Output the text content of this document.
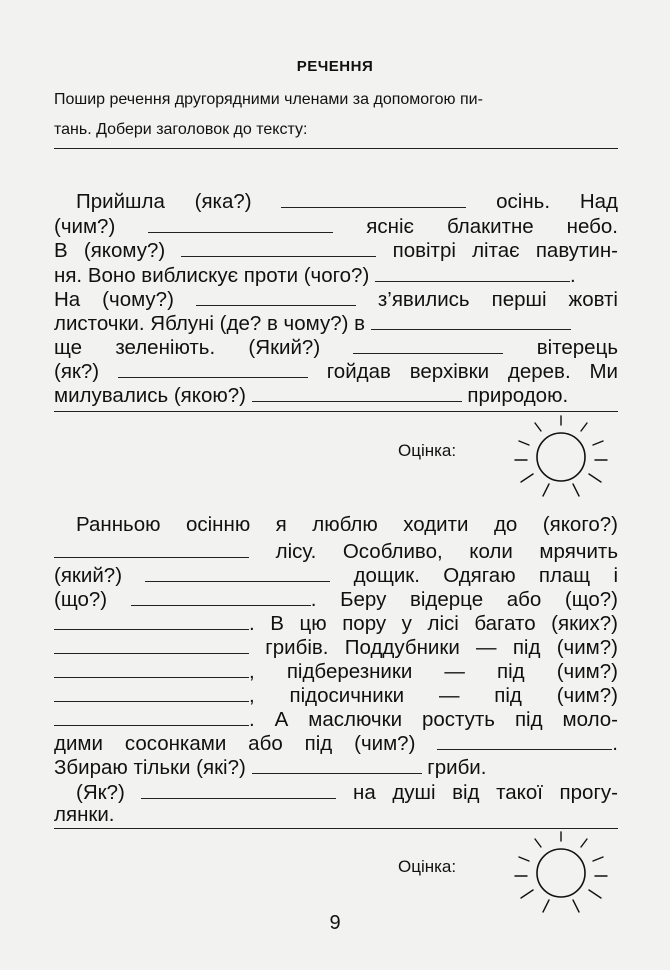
РЕЧЕННЯ
Пошир речення другорядними членами за допомогою пи-
тань. Добери заголовок до тексту:
Прийшла (яка?)	осінь. Над
(чим?)	ясніє блакитне небо.
В (якому?)	повітрі літає павутин-
ня. Воно виблискує проти (чого?)	.
На (чому?)	з’явились перші жовті
листочки. Яблуні (де? в чому?) в
ще зеленіють. (Який?)	вітерець
(як?)	гойдав верхівки дерев. Ми
милувались (якою?)	природою.
Оцінка:
Ранньою осінню я люблю ходити до (якого?)
лісу. Особливо, коли мрячить
(який?)	дощик. Одягаю плащ і
(що?)	. Беру відерце або (що?)
. В цю пору у лісі багато (яких?)
грибів. Поддубники — під (чим?)
, підберезники — під (чим?)
, підосичники — під (чим?)
. А маслючки ростуть під моло-
дими сосонками або під (чим?)	.
Збираю тільки (які?)	гриби.
(Як?)	на душі від такої прогу-
лянки.
Оцінка:
9
